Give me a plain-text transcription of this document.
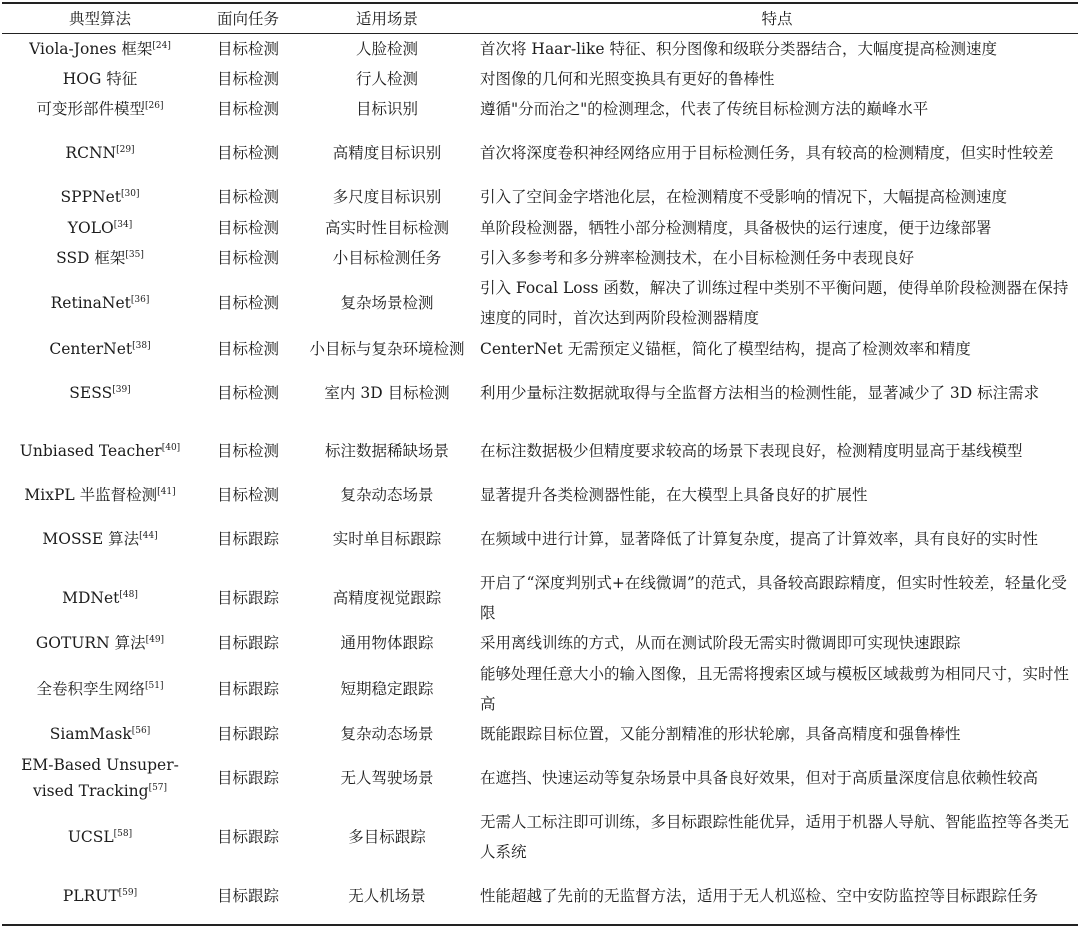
典型算法	面向任务	适用场景	特点
Viola-Jones 框架[24]	目标检测	人脸检测	首次将 Haar-like 特征、积分图像和级联分类器结合，大幅度提高检测速度
HOG 特征	目标检测	行人检测	对图像的几何和光照变换具有更好的鲁棒性
可变形部件模型[26]	目标检测	目标识别	遵循"分而治之"的检测理念，代表了传统目标检测方法的巅峰水平
RCNN[29]	目标检测	高精度目标识别	首次将深度卷积神经网络应用于目标检测任务，具有较高的检测精度，但实时性较差
SPPNet[30]	目标检测	多尺度目标识别	引入了空间金字塔池化层，在检测精度不受影响的情况下，大幅提高检测速度
YOLO[34]	目标检测	高实时性目标检测	单阶段检测器，牺牲小部分检测精度，具备极快的运行速度，便于边缘部署
SSD 框架[35]	目标检测	小目标检测任务	引入多参考和多分辨率检测技术，在小目标检测任务中表现良好
RetinaNet[36]	目标检测	复杂场景检测	引入 Focal Loss 函数，解决了训练过程中类别不平衡问题，使得单阶段检测器在保持速度的同时，首次达到两阶段检测器精度
CenterNet[38]	目标检测	小目标与复杂环境检测	CenterNet 无需预定义锚框，简化了模型结构，提高了检测效率和精度
SESS[39]	目标检测	室内 3D 目标检测	利用少量标注数据就取得与全监督方法相当的检测性能，显著减少了 3D 标注需求
Unbiased Teacher[40]	目标检测	标注数据稀缺场景	在标注数据极少但精度要求较高的场景下表现良好，检测精度明显高于基线模型
MixPL 半监督检测[41]	目标检测	复杂动态场景	显著提升各类检测器性能，在大模型上具备良好的扩展性
MOSSE 算法[44]	目标跟踪	实时单目标跟踪	在频域中进行计算，显著降低了计算复杂度，提高了计算效率，具有良好的实时性
MDNet[48]	目标跟踪	高精度视觉跟踪	开启了“深度判别式+在线微调”的范式，具备较高跟踪精度，但实时性较差，轻量化受限
GOTURN 算法[49]	目标跟踪	通用物体跟踪	采用离线训练的方式，从而在测试阶段无需实时微调即可实现快速跟踪
全卷积孪生网络[51]	目标跟踪	短期稳定跟踪	能够处理任意大小的输入图像，且无需将搜索区域与模板区域裁剪为相同尺寸，实时性高
SiamMask[56]	目标跟踪	复杂动态场景	既能跟踪目标位置，又能分割精准的形状轮廓，具备高精度和强鲁棒性
EM-Based Unsuper-vised Tracking[57]	目标跟踪	无人驾驶场景	在遮挡、快速运动等复杂场景中具备良好效果，但对于高质量深度信息依赖性较高
UCSL[58]	目标跟踪	多目标跟踪	无需人工标注即可训练，多目标跟踪性能优异，适用于机器人导航、智能监控等各类无人系统
PLRUT[59]	目标跟踪	无人机场景	性能超越了先前的无监督方法，适用于无人机巡检、空中安防监控等目标跟踪任务
